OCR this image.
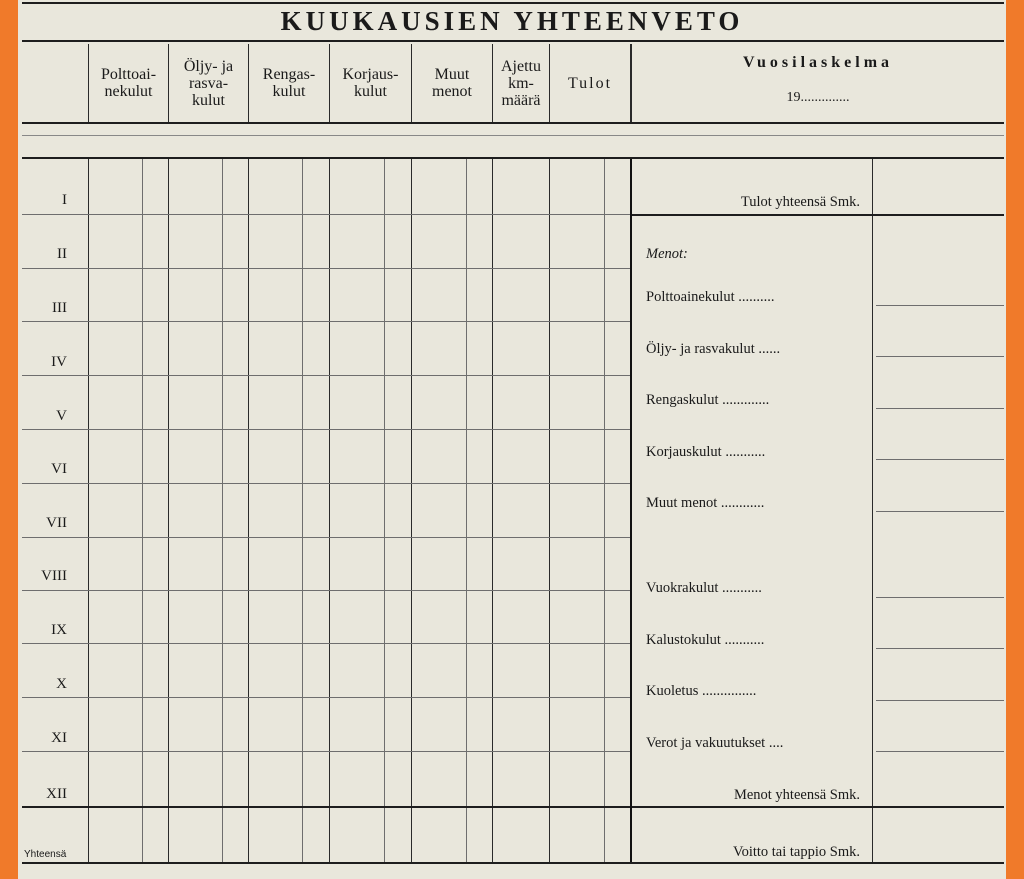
KUUKAUSIEN YHTEENVETO
Polttoai-
nekulut
Öljy- ja
rasva-
kulut
Rengas-
kulut
Korjaus-
kulut
Muut
menot
Ajettu
km-
määrä
Tulot
Vuosilaskelma
19..............
I
II
III
IV
V
VI
VII
VIII
IX
X
XI
XII
Yhteensä
Tulot yhteensä Smk.
Menot:
Polttoainekulut ..........
Öljy- ja rasvakulut ......
Rengaskulut .............
Korjauskulut ...........
Muut menot ............
Vuokrakulut ...........
Kalustokulut ...........
Kuoletus ...............
Verot ja vakuutukset ....
Menot yhteensä Smk.
Voitto tai tappio Smk.
